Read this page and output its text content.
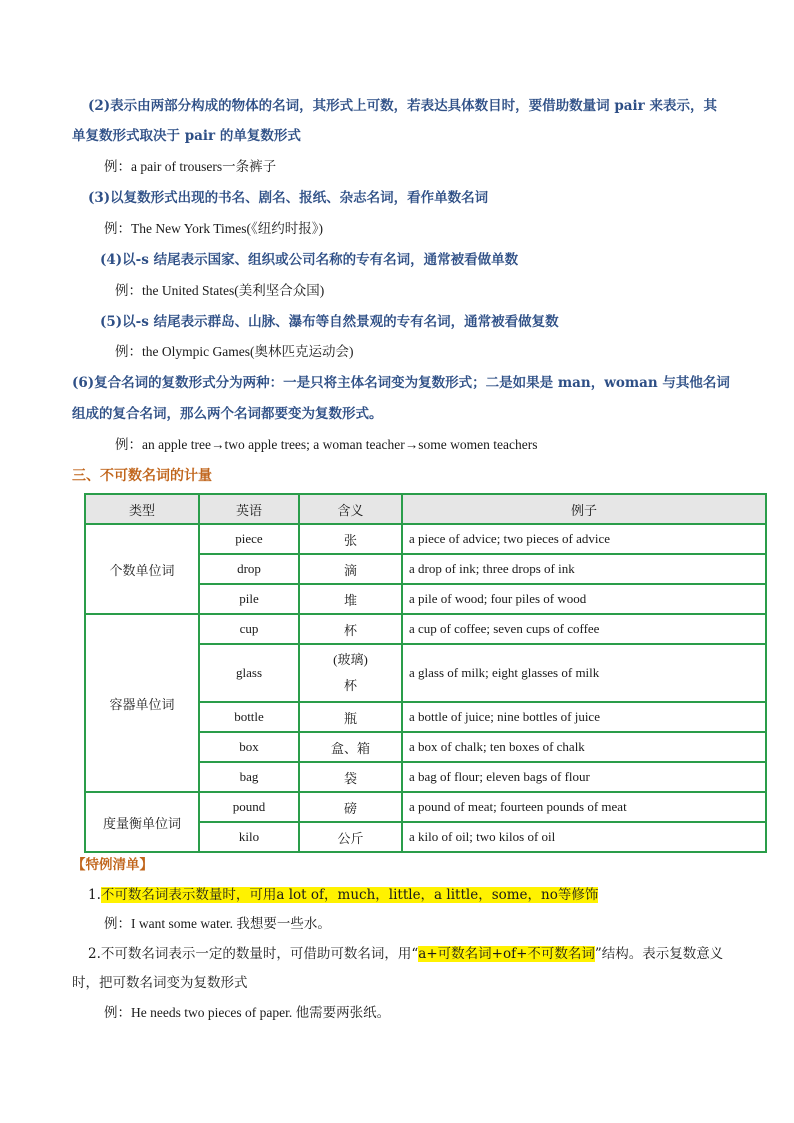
(2)表示由两部分构成的物体的名词，其形式上可数，若表达具体数目时，要借助数量词 pair 来表示，其
单复数形式取决于 pair 的单复数形式
例：a pair of trousers一条裤子
(3)以复数形式出现的书名、剧名、报纸、杂志名词，看作单数名词
例：The New York Times(《纽约时报》)
(4)以-s 结尾表示国家、组织或公司名称的专有名词，通常被看做单数
例：the United States(美利坚合众国)
(5)以-s 结尾表示群岛、山脉、瀑布等自然景观的专有名词，通常被看做复数
例：the Olympic Games(奥林匹克运动会)
(6)复合名词的复数形式分为两种：一是只将主体名词变为复数形式；二是如果是 man，woman 与其他名词
组成的复合名词，那么两个名词都要变为复数形式。
例：an apple tree→two apple trees; a woman teacher→some women teachers
三、不可数名词的计量
类型	英语	含义	例子
个数单位词	piece	张	a piece of advice; two pieces of advice
	drop	滴	a drop of ink; three drops of ink
	pile	堆	a pile of wood; four piles of wood
容器单位词	cup	杯	a cup of coffee; seven cups of coffee
	glass	(玻璃)
杯	a glass of milk; eight glasses of milk
	bottle	瓶	a bottle of juice; nine bottles of juice
	box	盒、箱	a box of chalk; ten boxes of chalk
	bag	袋	a bag of flour; eleven bags of flour
度量衡单位词	pound	磅	a pound of meat; fourteen pounds of meat
	kilo	公斤	a kilo of oil; two kilos of oil
【特例清单】
1.不可数名词表示数量时，可用a lot of，much，little，a little，some，no等修饰
例：I want some water. 我想要一些水。
2.不可数名词表示一定的数量时，可借助可数名词，用“a+可数名词+of+不可数名词”结构。表示复数意义
时，把可数名词变为复数形式
例：He needs two pieces of paper. 他需要两张纸。
